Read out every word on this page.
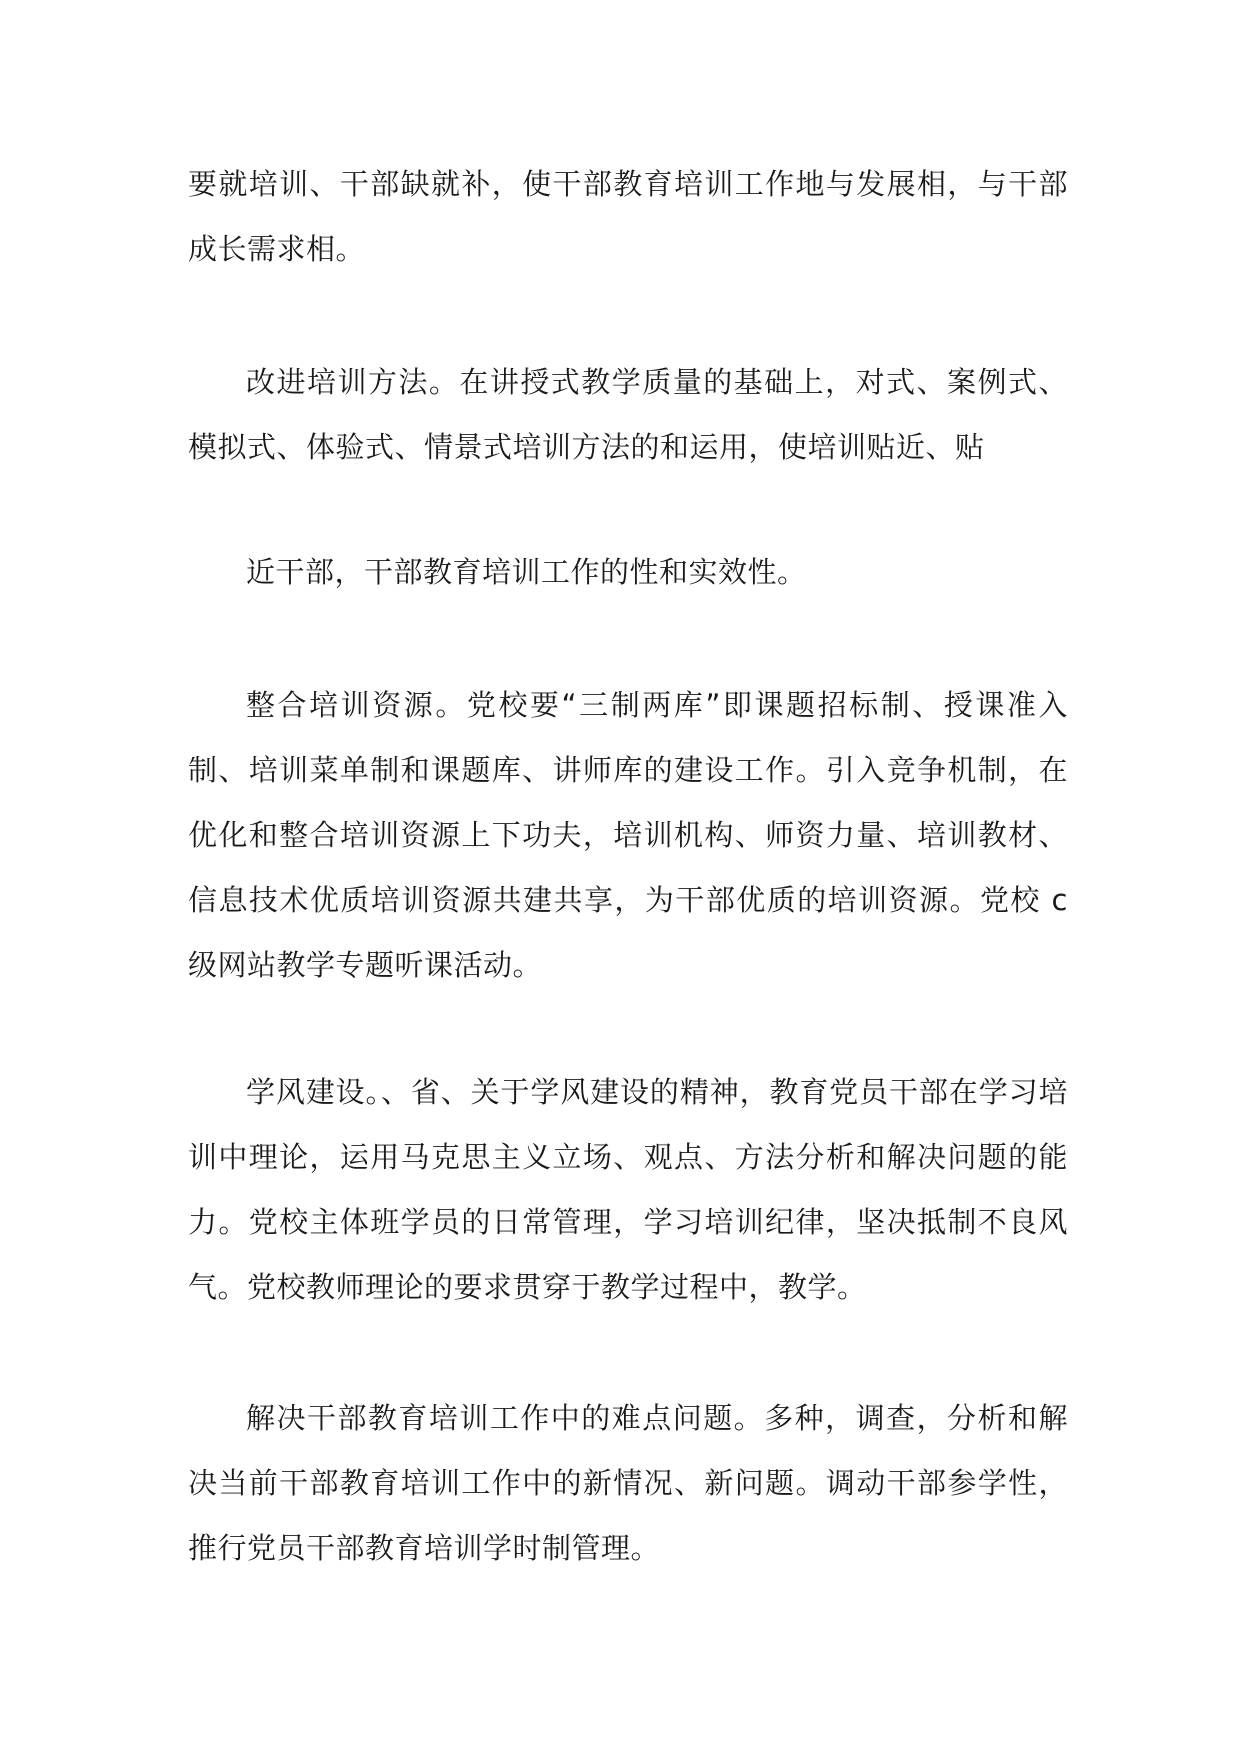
要就培训、干部缺就补，使干部教育培训工作地与发展相，与干部成长需求相。

改进培训方法。在讲授式教学质量的基础上，对式、案例式、模拟式、体验式、情景式培训方法的和运用，使培训贴近、贴

近干部，干部教育培训工作的性和实效性。

整合培训资源。党校要“三制两库”即课题招标制、授课准入制、培训菜单制和课题库、讲师库的建设工作。引入竞争机制，在优化和整合培训资源上下功夫，培训机构、师资力量、培训教材、信息技术优质培训资源共建共享，为干部优质的培训资源。党校 c 级网站教学专题听课活动。

学风建设。、省、关于学风建设的精神，教育党员干部在学习培训中理论，运用马克思主义立场、观点、方法分析和解决问题的能力。党校主体班学员的日常管理，学习培训纪律，坚决抵制不良风气。党校教师理论的要求贯穿于教学过程中，教学。

解决干部教育培训工作中的难点问题。多种，调查，分析和解决当前干部教育培训工作中的新情况、新问题。调动干部参学性，推行党员干部教育培训学时制管理。
